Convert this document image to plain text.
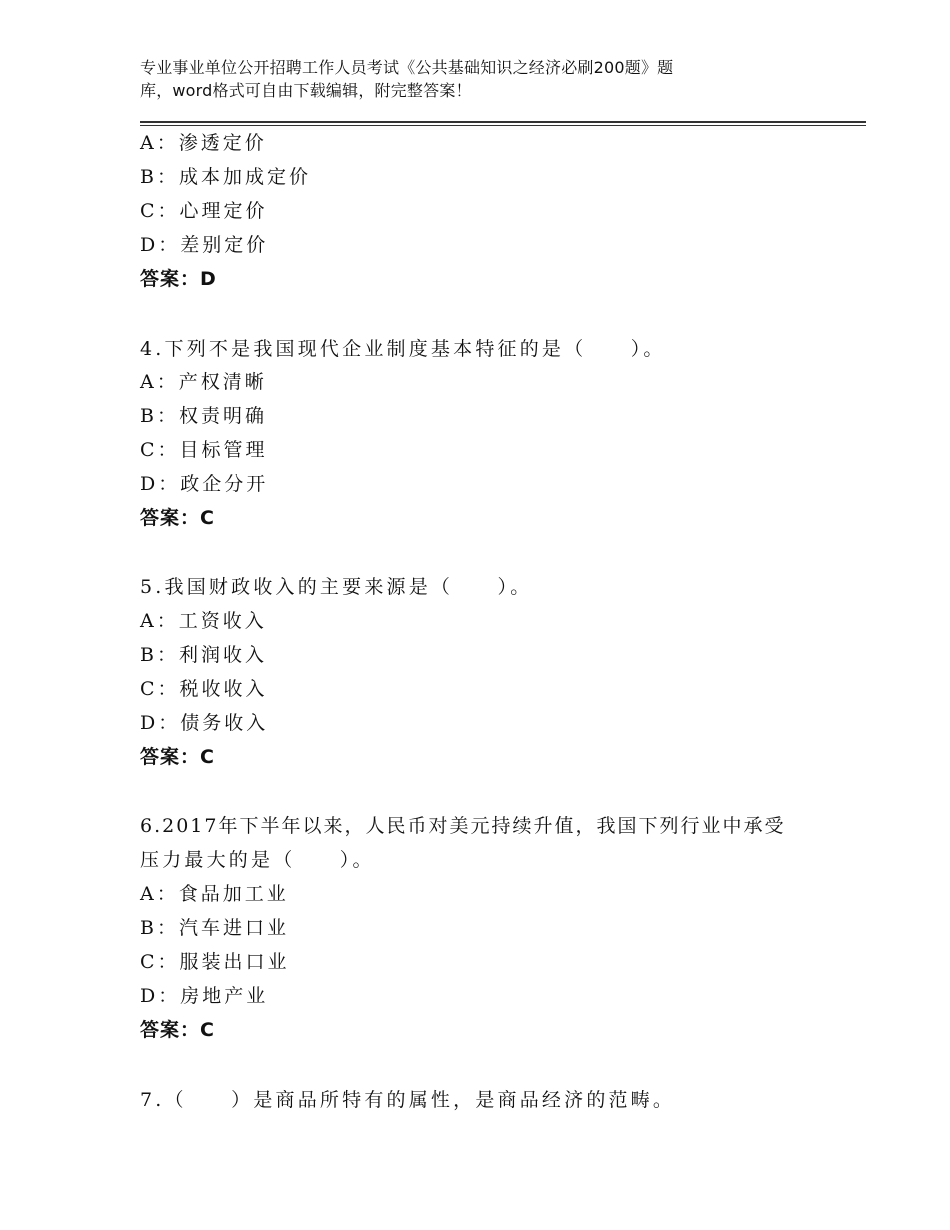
专业事业单位公开招聘工作人员考试《公共基础知识之经济必刷200题》题
库，word格式可自由下载编辑，附完整答案！
A：渗透定价
B：成本加成定价
C：心理定价
D：差别定价
答案：D
4.下列不是我国现代企业制度基本特征的是（　　）。
A：产权清晰
B：权责明确
C：目标管理
D：政企分开
答案：C
5.我国财政收入的主要来源是（　　）。
A：工资收入
B：利润收入
C：税收收入
D：债务收入
答案：C
6.2017年下半年以来，人民币对美元持续升值，我国下列行业中承受
压力最大的是（　　）。
A：食品加工业
B：汽车进口业
C：服装出口业
D：房地产业
答案：C
7.（　　）是商品所特有的属性，是商品经济的范畴。
